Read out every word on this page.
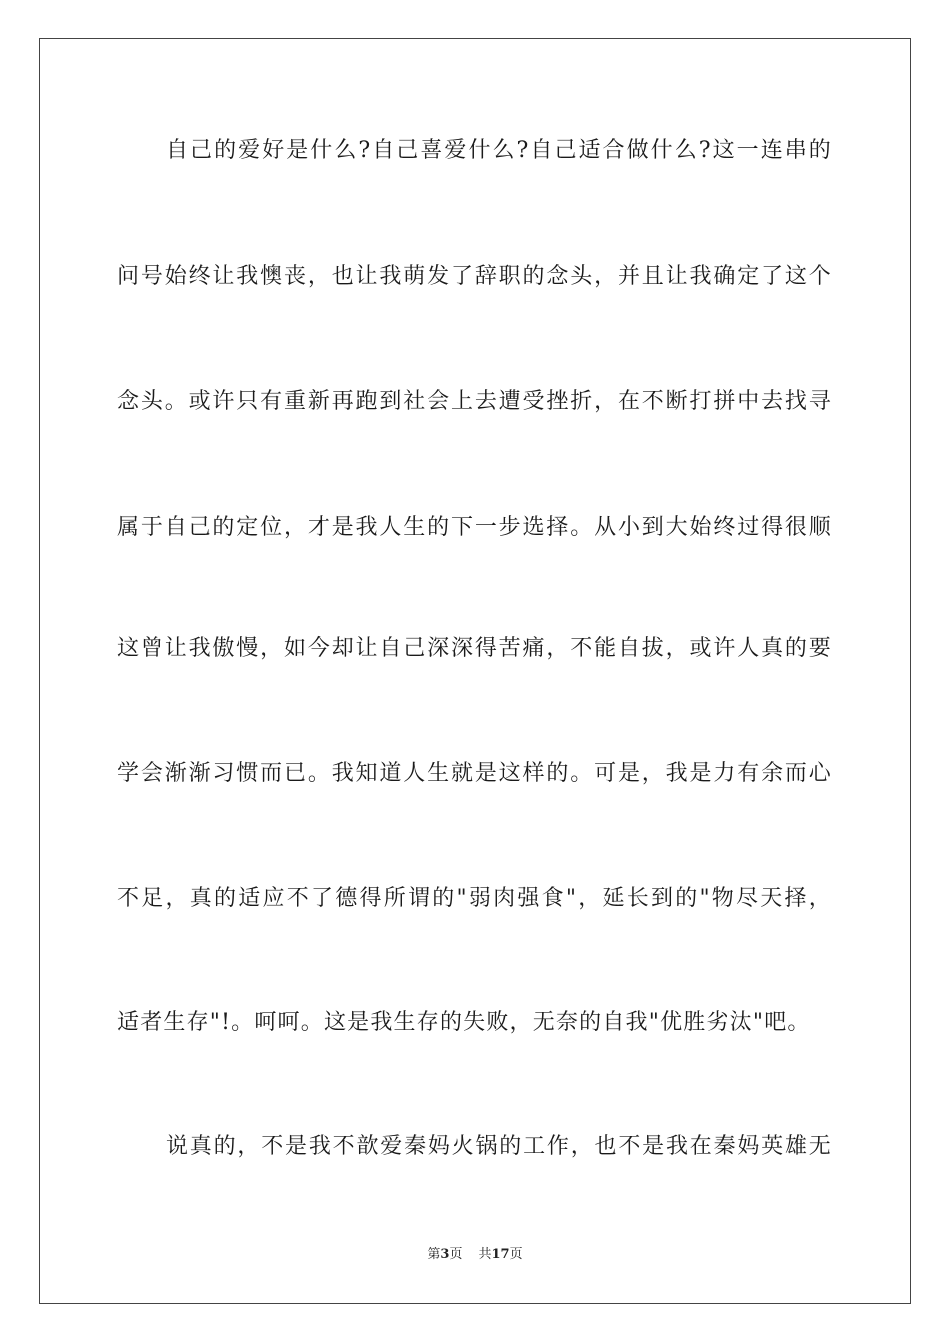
自己的爱好是什么?自己喜爱什么?自己适合做什么?这一连串的
问号始终让我懊丧，也让我萌发了辞职的念头，并且让我确定了这个
念头。或许只有重新再跑到社会上去遭受挫折，在不断打拼中去找寻
属于自己的定位，才是我人生的下一步选择。从小到大始终过得很顺
这曾让我傲慢，如今却让自己深深得苦痛，不能自拔，或许人真的要
学会渐渐习惯而已。我知道人生就是这样的。可是，我是力有余而心
不足，真的适应不了德得所谓的"弱肉强食"，延长到的"物尽天择，
适者生存"!。呵呵。这是我生存的失败，无奈的自我"优胜劣汰"吧。
说真的，不是我不歆爱秦妈火锅的工作，也不是我在秦妈英雄无
第3页 共17页
